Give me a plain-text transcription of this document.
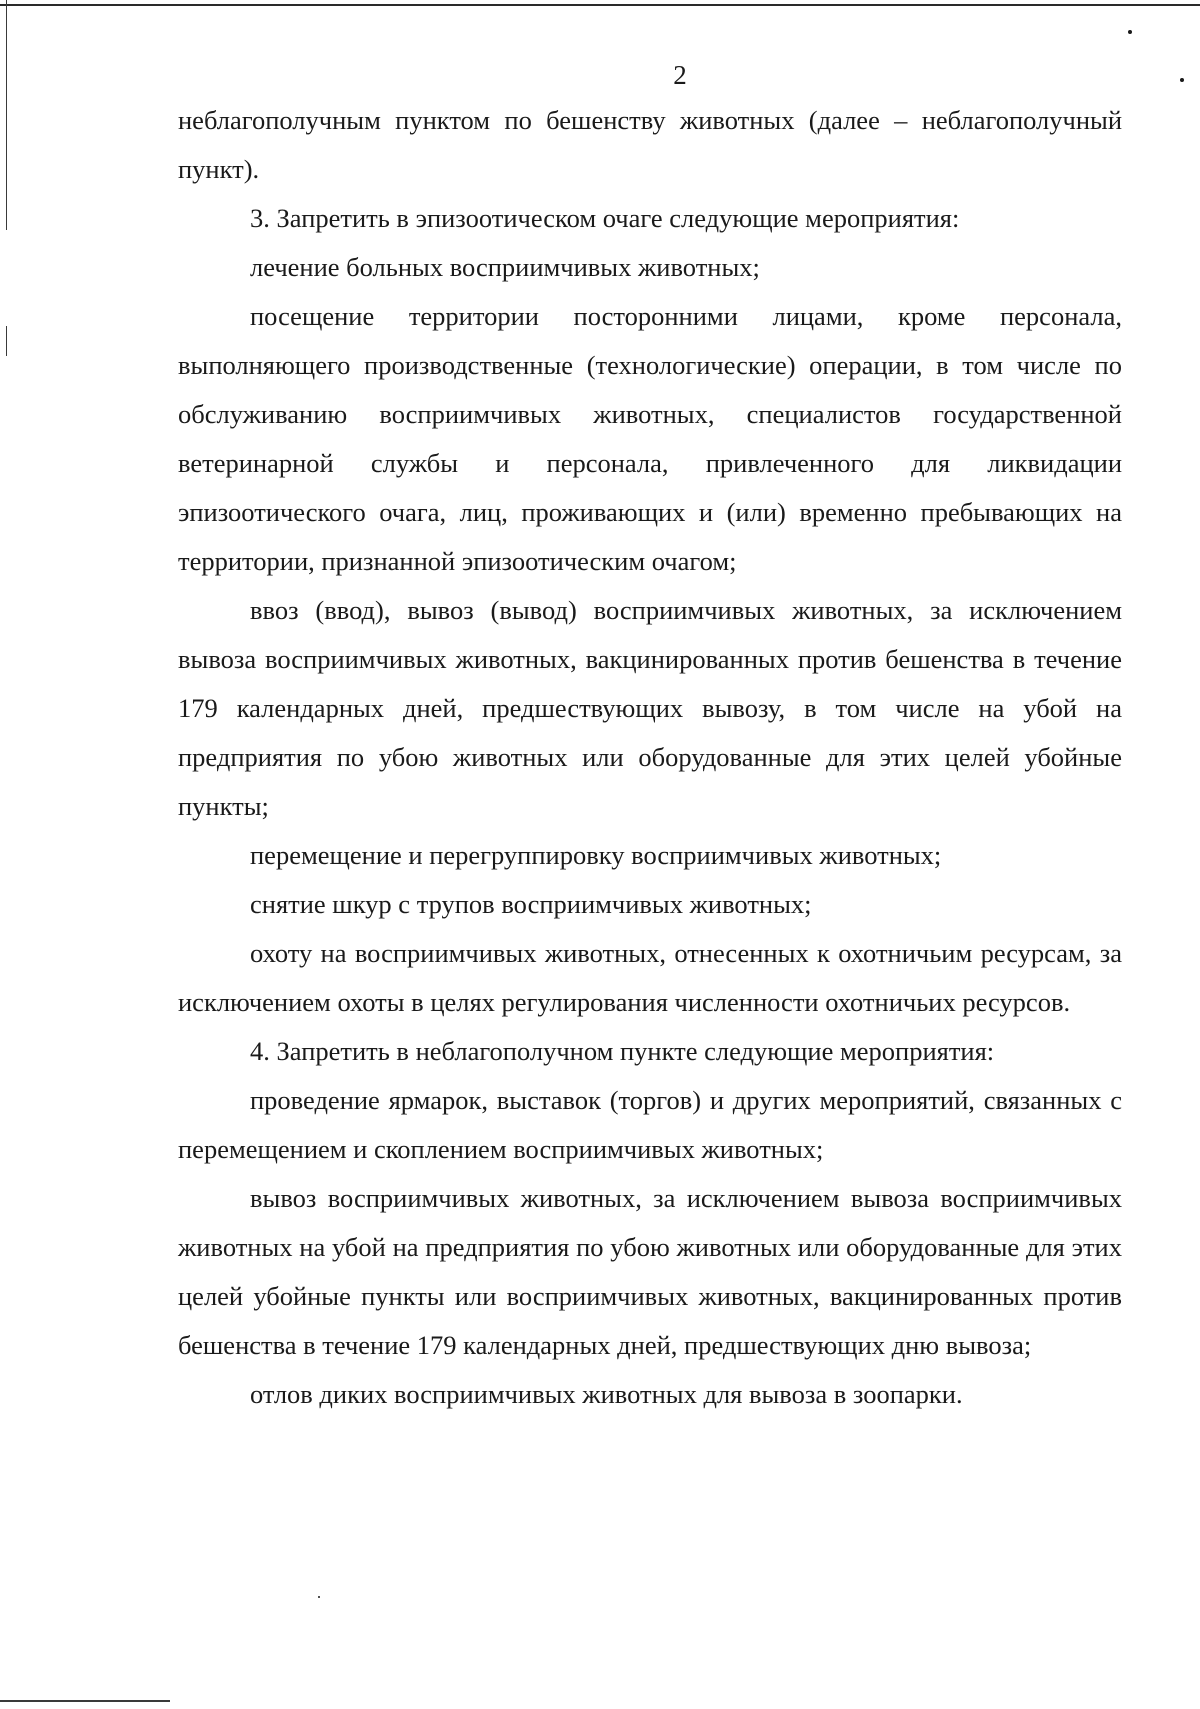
2

неблагополучным пунктом по бешенству животных (далее – неблагополучный пункт).

3. Запретить в эпизоотическом очаге следующие мероприятия:

лечение больных восприимчивых животных;

посещение территории посторонними лицами, кроме персонала, выполняющего производственные (технологические) операции, в том числе по обслуживанию восприимчивых животных, специалистов государственной ветеринарной службы и персонала, привлеченного для ликвидации эпизоотического очага, лиц, проживающих и (или) временно пребывающих на территории, признанной эпизоотическим очагом;

ввоз (ввод), вывоз (вывод) восприимчивых животных, за исключением вывоза восприимчивых животных, вакцинированных против бешенства в течение 179 календарных дней, предшествующих вывозу, в том числе на убой на предприятия по убою животных или оборудованные для этих целей убойные пункты;

перемещение и перегруппировку восприимчивых животных;

снятие шкур с трупов восприимчивых животных;

охоту на восприимчивых животных, отнесенных к охотничьим ресурсам, за исключением охоты в целях регулирования численности охотничьих ресурсов.

4. Запретить в неблагополучном пункте следующие мероприятия:

проведение ярмарок, выставок (торгов) и других мероприятий, связанных с перемещением и скоплением восприимчивых животных;

вывоз восприимчивых животных, за исключением вывоза восприимчивых животных на убой на предприятия по убою животных или оборудованные для этих целей убойные пункты или восприимчивых животных, вакцинированных против бешенства в течение 179 календарных дней, предшествующих дню вывоза;

отлов диких восприимчивых животных для вывоза в зоопарки.
